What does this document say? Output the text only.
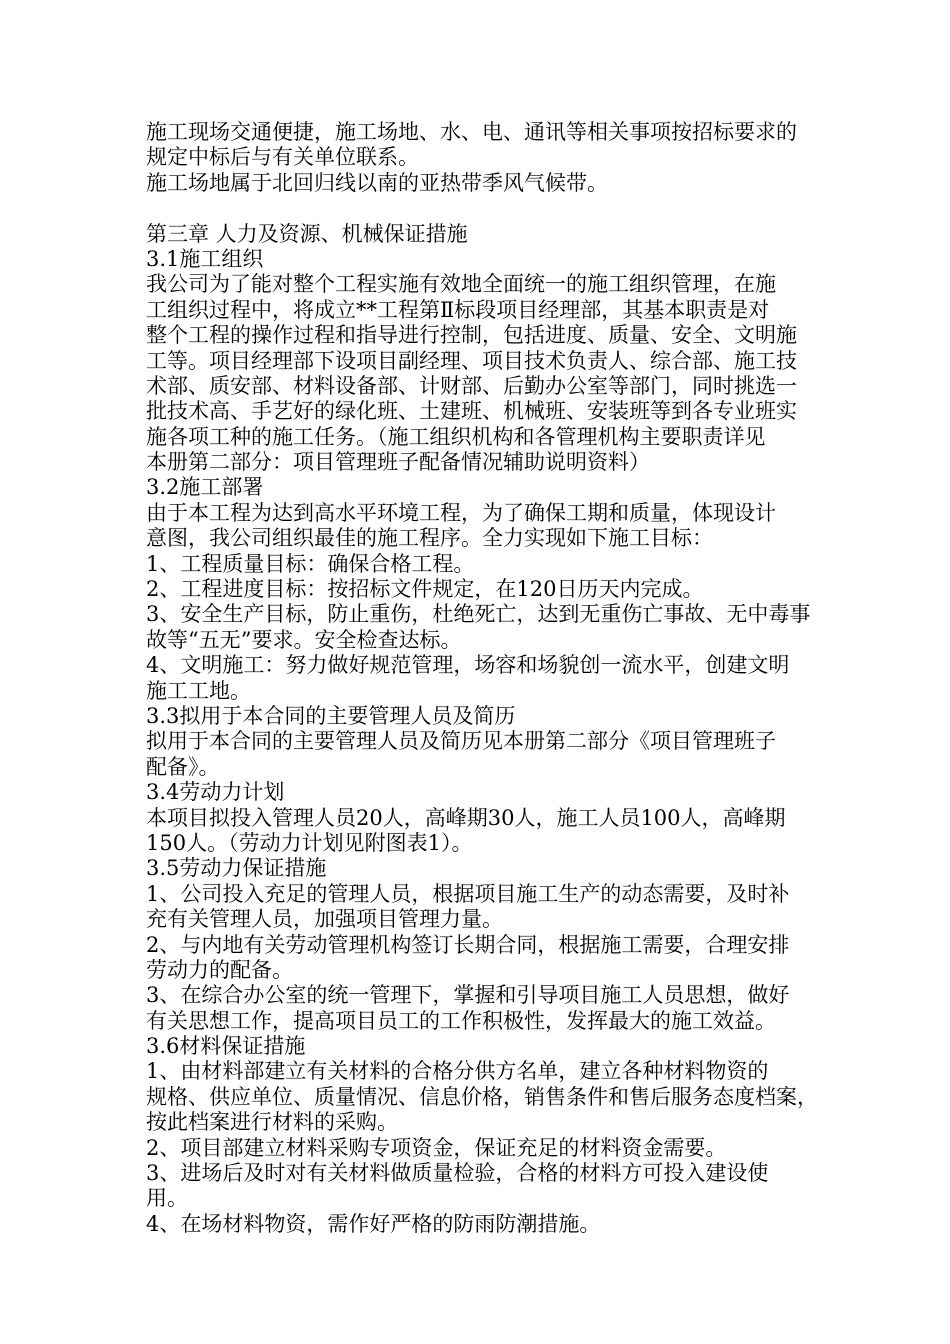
施工现场交通便捷，施工场地、水、电、通讯等相关事项按招标要求的
规定中标后与有关单位联系。
施工场地属于北回归线以南的亚热带季风气候带。
第三章 人力及资源、机械保证措施
3.1施工组织
我公司为了能对整个工程实施有效地全面统一的施工组织管理，在施
工组织过程中，将成立**工程第Ⅱ标段项目经理部，其基本职责是对
整个工程的操作过程和指导进行控制，包括进度、质量、安全、文明施
工等。项目经理部下设项目副经理、项目技术负责人、综合部、施工技
术部、质安部、材料设备部、计财部、后勤办公室等部门，同时挑选一
批技术高、手艺好的绿化班、土建班、机械班、安装班等到各专业班实
施各项工种的施工任务。（施工组织机构和各管理机构主要职责详见
本册第二部分：项目管理班子配备情况辅助说明资料）
3.2施工部署
由于本工程为达到高水平环境工程，为了确保工期和质量，体现设计
意图，我公司组织最佳的施工程序。全力实现如下施工目标：
1、工程质量目标：确保合格工程。
2、工程进度目标：按招标文件规定，在120日历天内完成。
3、安全生产目标，防止重伤，杜绝死亡，达到无重伤亡事故、无中毒事
故等“五无”要求。安全检查达标。
4、文明施工：努力做好规范管理，场容和场貌创一流水平，创建文明
施工工地。
3.3拟用于本合同的主要管理人员及简历
拟用于本合同的主要管理人员及简历见本册第二部分《项目管理班子
配备》。
3.4劳动力计划
本项目拟投入管理人员20人，高峰期30人，施工人员100人，高峰期
150人。（劳动力计划见附图表1）。
3.5劳动力保证措施
1、公司投入充足的管理人员，根据项目施工生产的动态需要，及时补
充有关管理人员，加强项目管理力量。
2、与内地有关劳动管理机构签订长期合同，根据施工需要，合理安排
劳动力的配备。
3、在综合办公室的统一管理下，掌握和引导项目施工人员思想，做好
有关思想工作，提高项目员工的工作积极性，发挥最大的施工效益。
3.6材料保证措施
1、由材料部建立有关材料的合格分供方名单，建立各种材料物资的
规格、供应单位、质量情况、信息价格，销售条件和售后服务态度档案，
按此档案进行材料的采购。
2、项目部建立材料采购专项资金，保证充足的材料资金需要。
3、进场后及时对有关材料做质量检验，合格的材料方可投入建设使
用。
4、在场材料物资，需作好严格的防雨防潮措施。
